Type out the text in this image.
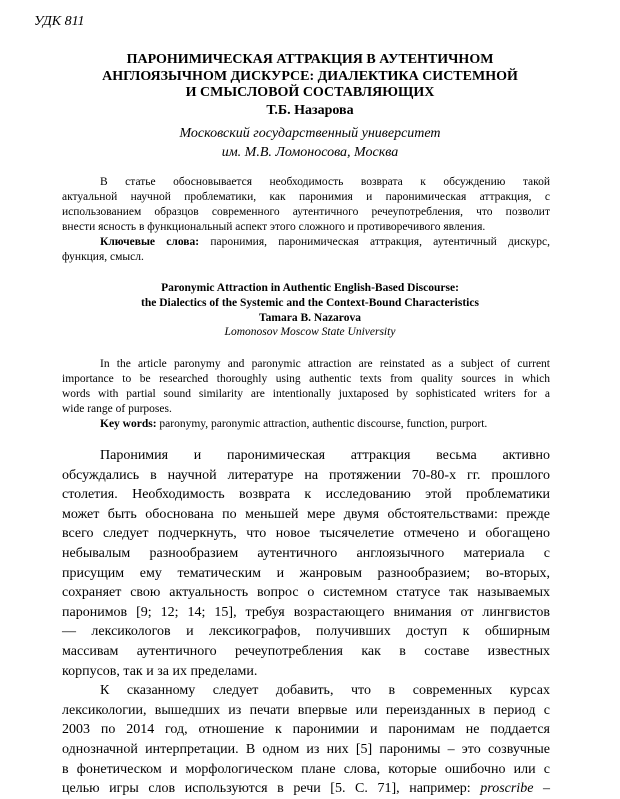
УДК 811
ПАРОНИМИЧЕСКАЯ АТТРАКЦИЯ В АУТЕНТИЧНОМ
АНГЛОЯЗЫЧНОМ ДИСКУРСЕ: ДИАЛЕКТИКА СИСТЕМНОЙ
И СМЫСЛОВОЙ СОСТАВЛЯЮЩИХ
Т.Б. Назарова
Московский государственный университет
им. М.В. Ломоносова, Москва
В статье обосновывается необходимость возврата к обсуждению такой
актуальной научной проблематики, как паронимия и паронимическая аттракция, с
использованием образцов современного аутентичного речеупотребления, что позволит
внести ясность в функциональный аспект этого сложного и противоречивого явления.
Ключевые слова: паронимия, паронимическая аттракция, аутентичный дискурс,
функция, смысл.
Paronymic Attraction in Authentic English-Based Discourse:
the Dialectics of the Systemic and the Context-Bound Characteristics
Tamara B. Nazarova
Lomonosov Moscow State University
In the article paronymy and paronymic attraction are reinstated as a subject of current
importance to be researched thoroughly using authentic texts from quality sources in which
words with partial sound similarity are intentionally juxtaposed by sophisticated writers for a
wide range of purposes.
Key words: paronymy, paronymic attraction, authentic discourse, function, purport.
Паронимия и паронимическая аттракция весьма активно
обсуждались в научной литературе на протяжении 70-80-х гг. прошлого
столетия. Необходимость возврата к исследованию этой проблематики
может быть обоснована по меньшей мере двумя обстоятельствами: прежде
всего следует подчеркнуть, что новое тысячелетие отмечено и обогащено
небывалым разнообразием аутентичного англоязычного материала с
присущим ему тематическим и жанровым разнообразием; во-вторых,
сохраняет свою актуальность вопрос о системном статусе так называемых
паронимов [9; 12; 14; 15], требуя возрастающего внимания от лингвистов
— лексикологов и лексикографов, получивших доступ к обширным
массивам аутентичного речеупотребления как в составе известных
корпусов, так и за их пределами.
К сказанному следует добавить, что в современных курсах
лексикологии, вышедших из печати впервые или переизданных в период с
2003 по 2014 год, отношение к паронимии и паронимам не поддается
однозначной интерпретации. В одном из них [5] паронимы – это созвучные
в фонетическом и морфологическом плане слова, которые ошибочно или с
целью игры слов используются в речи [5. С. 71], например: proscribe –
